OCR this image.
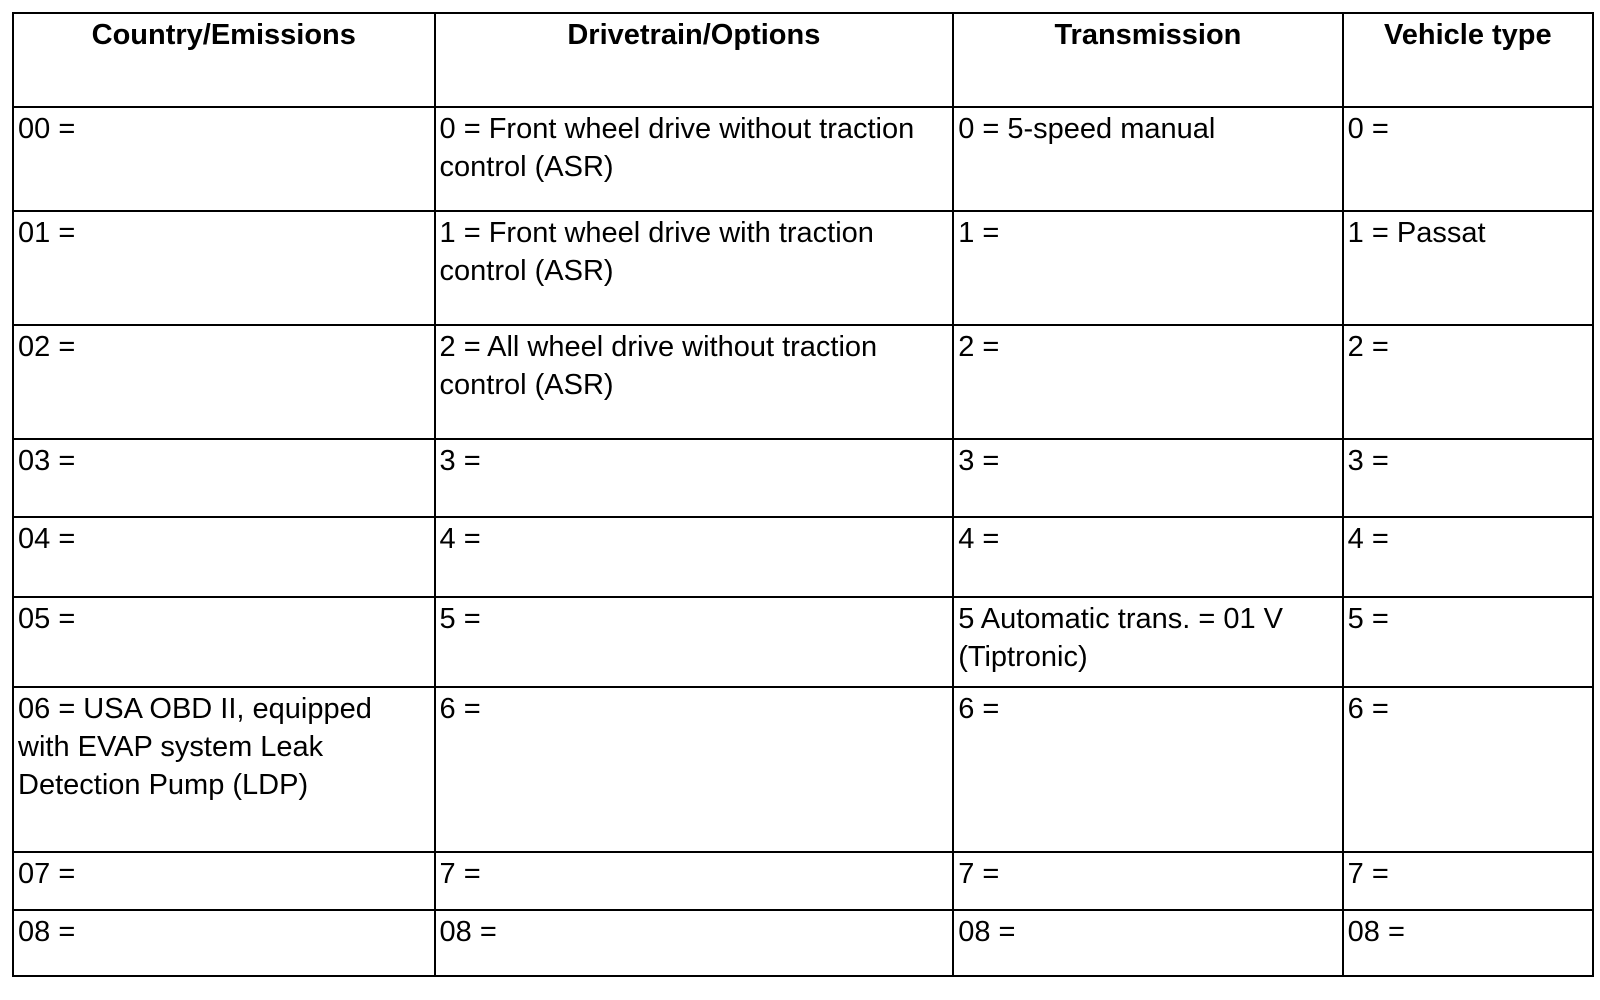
Country/Emissions	Drivetrain/Options	Transmission	Vehicle type
00 =	0 = Front wheel drive without traction control (ASR)	0 = 5-speed manual	0 =
01 =	1 = Front wheel drive with traction control (ASR)	1 =	1 = Passat
02 =	2 = All wheel drive without traction control (ASR)	2 =	2 =
03 =	3 =	3 =	3 =
04 =	4 =	4 =	4 =
05 =	5 =	5 Automatic trans. = 01 V (Tiptronic)	5 =
06 = USA OBD II, equipped with EVAP system Leak Detection Pump (LDP)	6 =	6 =	6 =
07 =	7 =	7 =	7 =
08 =	08 =	08 =	08 =
